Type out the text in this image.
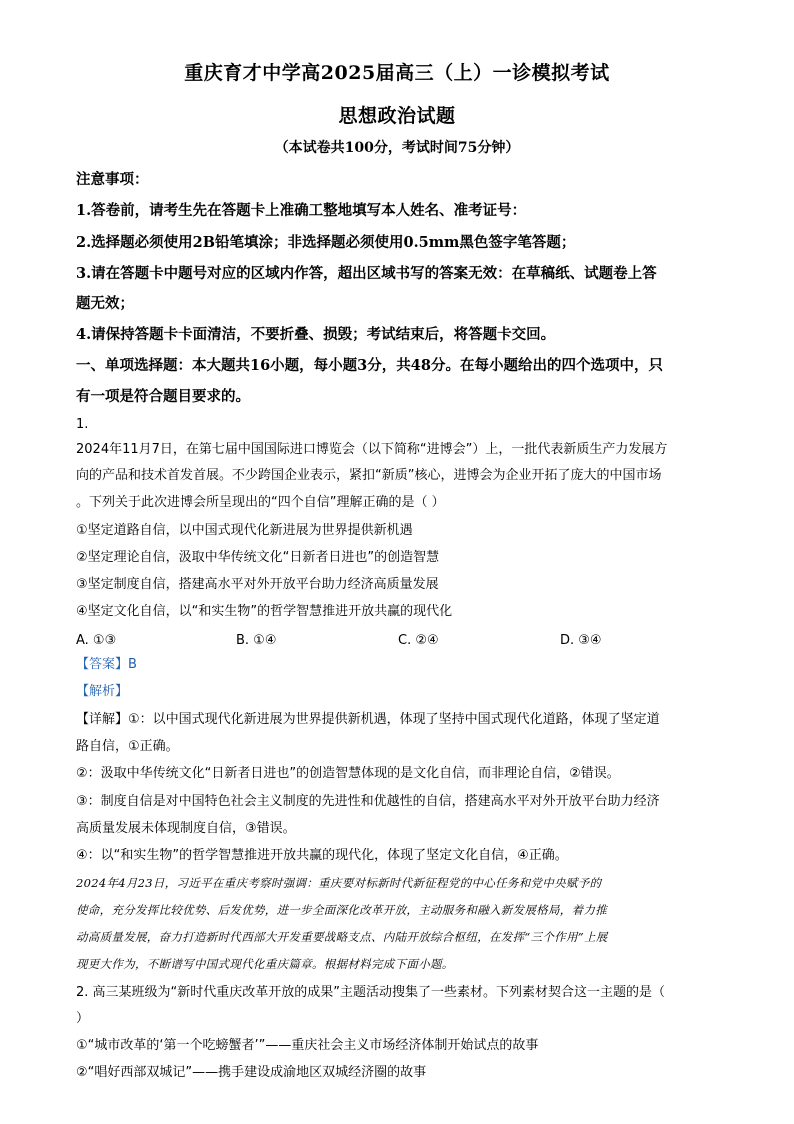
重庆育才中学高2025届高三（上）一诊模拟考试
思想政治试题
（本试卷共100分，考试时间75分钟）
注意事项：
1.答卷前，请考生先在答题卡上准确工整地填写本人姓名、准考证号：
2.选择题必须使用2B铅笔填涂；非选择题必须使用0.5mm黑色签字笔答题；
3.请在答题卡中题号对应的区域内作答，超出区域书写的答案无效：在草稿纸、试题卷上答
题无效；
4.请保持答题卡卡面清洁，不要折叠、损毁；考试结束后，将答题卡交回。
一、单项选择题：本大题共16小题，每小题3分，共48分。在每小题给出的四个选项中，只
有一项是符合题目要求的。
1.
2024年11月7日，在第七届中国国际进口博览会（以下简称“进博会”）上，一批代表新质生产力发展方
向的产品和技术首发首展。不少跨国企业表示，紧扣“新质”核心，进博会为企业开拓了庞大的中国市场
。下列关于此次进博会所呈现出的“四个自信”理解正确的是（ ）
①坚定道路自信，以中国式现代化新进展为世界提供新机遇
②坚定理论自信，汲取中华传统文化“日新者日进也”的创造智慧
③坚定制度自信，搭建高水平对外开放平台助力经济高质量发展
④坚定文化自信，以“和实生物”的哲学智慧推进开放共赢的现代化
A. ①③	B. ①④	C. ②④	D. ③④
【答案】B
【解析】
【详解】①：以中国式现代化新进展为世界提供新机遇，体现了坚持中国式现代化道路，体现了坚定道
路自信，①正确。
②：汲取中华传统文化“日新者日进也”的创造智慧体现的是文化自信，而非理论自信，②错误。
③：制度自信是对中国特色社会主义制度的先进性和优越性的自信，搭建高水平对外开放平台助力经济
高质量发展未体现制度自信，③错误。
④：以“和实生物”的哲学智慧推进开放共赢的现代化，体现了坚定文化自信，④正确。
2024年4月23日，习近平在重庆考察时强调：重庆要对标新时代新征程党的中心任务和党中央赋予的
使命，充分发挥比较优势、后发优势，进一步全面深化改革开放，主动服务和融入新发展格局，着力推
动高质量发展，奋力打造新时代西部大开发重要战略支点、内陆开放综合枢纽，在发挥“三个作用”上展
现更大作为，不断谱写中国式现代化重庆篇章。根据材料完成下面小题。
2. 高三某班级为“新时代重庆改革开放的成果”主题活动搜集了一些素材。下列素材契合这一主题的是（
）
①“城市改革的‘第一个吃螃蟹者’”——重庆社会主义市场经济体制开始试点的故事
②“唱好西部双城记”——携手建设成渝地区双城经济圈的故事
